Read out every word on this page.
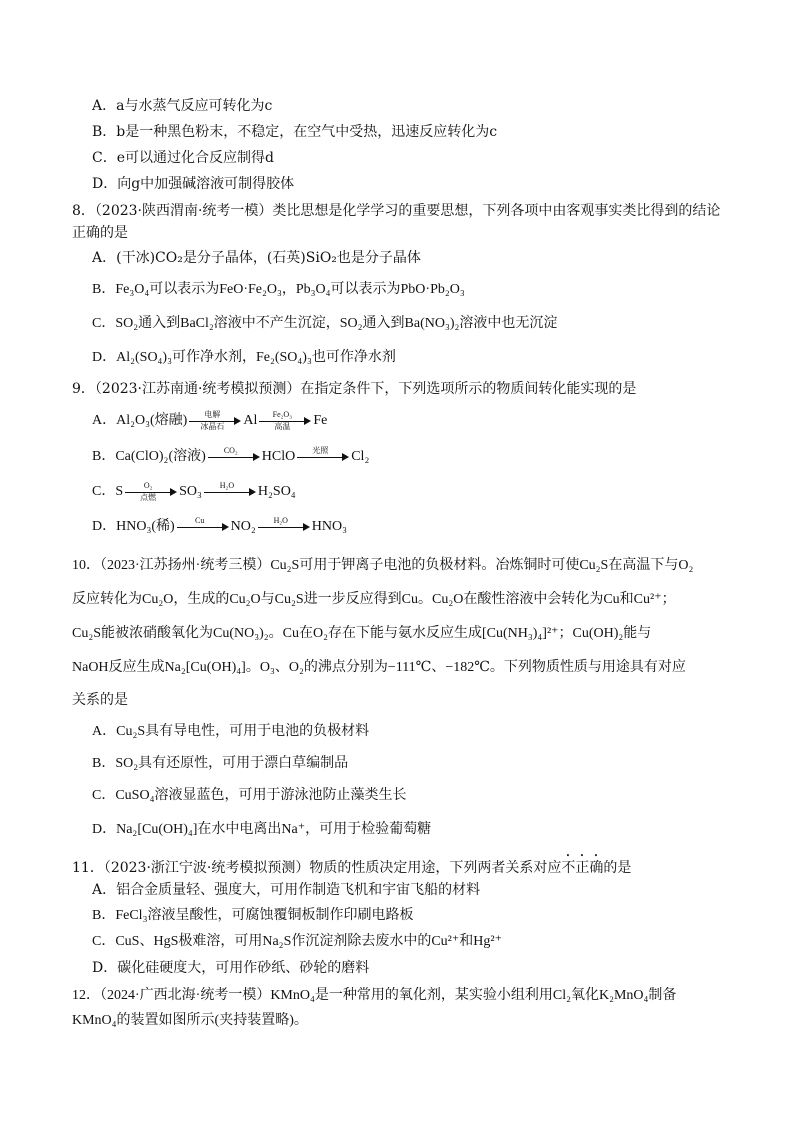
A．a与水蒸气反应可转化为c
B．b是一种黑色粉末，不稳定，在空气中受热，迅速反应转化为c
C．e可以通过化合反应制得d
D．向g中加强碱溶液可制得胶体
8．（2023·陕西渭南·统考一模）类比思想是化学学习的重要思想，下列各项中由客观事实类比得到的结论
正确的是
A．(干冰)CO₂是分子晶体，(石英)SiO₂也是分子晶体
B．Fe₃O₄可以表示为FeO·Fe₂O₃，Pb₃O₄可以表示为PbO·Pb₂O₃
C．SO₂通入到BaCl₂溶液中不产生沉淀，SO₂通入到Ba(NO₃)₂溶液中也无沉淀
D．Al₂(SO₄)₃可作净水剂，Fe₂(SO₄)₃也可作净水剂
9．（2023·江苏南通·统考模拟预测）在指定条件下，下列选项所示的物质间转化能实现的是
A．Al₂O₃(熔融)	电解
冰晶石	Al	Fe₂O₃
高温	Fe
B．Ca(ClO)₂(溶液)	CO₂	HClO	光照	Cl₂
C．S	O₂
点燃	SO₃	H₂O	H₂SO₄
D．HNO₃(稀)	Cu	NO₂	H₂O	HNO₃
10．（2023·江苏扬州·统考三模）Cu₂S可用于钾离子电池的负极材料。冶炼铜时可使Cu₂S在高温下与O₂
反应转化为Cu₂O，生成的Cu₂O与Cu₂S进一步反应得到Cu。Cu₂O在酸性溶液中会转化为Cu和Cu²⁺；
Cu₂S能被浓硝酸氧化为Cu(NO₃)₂。Cu在O₂存在下能与氨水反应生成[Cu(NH₃)₄]²⁺；Cu(OH)₂能与
NaOH反应生成Na₂[Cu(OH)₄]。O₃、O₂的沸点分别为−111℃、−182℃。下列物质性质与用途具有对应
关系的是
A．Cu₂S具有导电性，可用于电池的负极材料
B．SO₂具有还原性，可用于漂白草编制品
C．CuSO₄溶液显蓝色，可用于游泳池防止藻类生长
D．Na₂[Cu(OH)₄]在水中电离出Na⁺，可用于检验葡萄糖
11．（2023·浙江宁波·统考模拟预测）物质的性质决定用途，下列两者关系对应不正确的是
A．铝合金质量轻、强度大，可用作制造飞机和宇宙飞船的材料
B．FeCl₃溶液呈酸性，可腐蚀覆铜板制作印刷电路板
C．CuS、HgS极难溶，可用Na₂S作沉淀剂除去废水中的Cu²⁺和Hg²⁺
D．碳化硅硬度大，可用作砂纸、砂轮的磨料
12．（2024·广西北海·统考一模）KMnO₄是一种常用的氧化剂，某实验小组利用Cl₂氧化K₂MnO₄制备
KMnO₄的装置如图所示(夹持装置略)。
